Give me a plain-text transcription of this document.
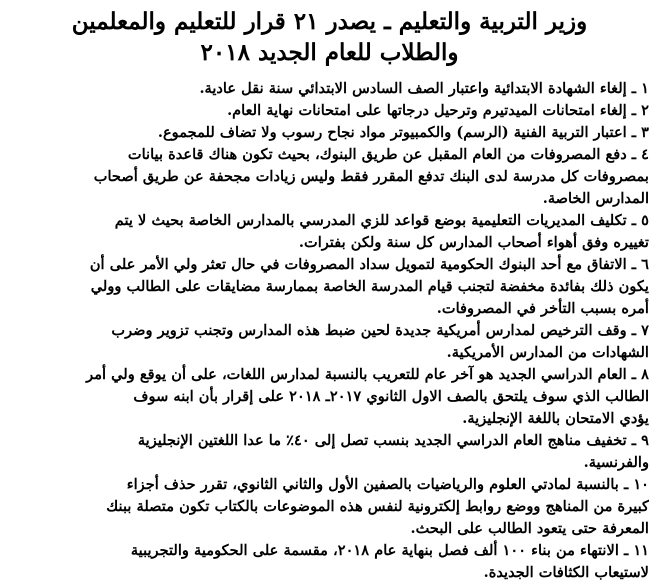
وزير التربية والتعليم ـ يصدر ٢١ قرار للتعليم والمعلمين
والطلاب للعام الجديد ٢٠١٨
١ ـ إلغاء الشهادة الابتدائية واعتبار الصف السادس الابتدائي سنة نقل عادية.
٢ ـ إلغاء امتحانات الميدتيرم وترحيل درجاتها على امتحانات نهاية العام.
٣ ـ اعتبار التربية الفنية (الرسم) والكمبيوتر مواد نجاح رسوب ولا تضاف للمجموع.
٤ ـ دفع المصروفات من العام المقبل عن طريق البنوك، بحيث تكون هناك قاعدة بيانات
بمصروفات كل مدرسة لدى البنك تدفع المقرر فقط وليس زيادات مجحفة عن طريق أصحاب
المدارس الخاصة.
٥ ـ تكليف المديريات التعليمية بوضع قواعد للزي المدرسي بالمدارس الخاصة بحيث لا يتم
تغييره وفق أهواء أصحاب المدارس كل سنة ولكن بفترات.
٦ ـ الاتفاق مع أحد البنوك الحكومية لتمويل سداد المصروفات في حال تعثر ولي الأمر على أن
يكون ذلك بفائدة مخفضة لتجنب قيام المدرسة الخاصة بممارسة مضايقات على الطالب وولي
أمره بسبب التأخر في المصروفات.
٧ ـ وقف الترخيص لمدارس أمريكية جديدة لحين ضبط هذه المدارس وتجنب تزوير وضرب
الشهادات من المدارس الأمريكية.
٨ ـ العام الدراسي الجديد هو آخر عام للتعريب بالنسبة لمدارس اللغات، على أن يوقع ولي أمر
الطالب الذي سوف يلتحق بالصف الاول الثانوي ٢٠١٧ـ ٢٠١٨ على إقرار بأن ابنه سوف
يؤدي الامتحان باللغة الإنجليزية.
٩ ـ تخفيف مناهج العام الدراسي الجديد بنسب تصل إلى ٤٠٪ ما عدا اللغتين الإنجليزية
والفرنسية.
١٠ ـ بالنسبة لمادتي العلوم والرياضيات بالصفين الأول والثاني الثانوي، تقرر حذف أجزاء
كبيرة من المناهج ووضع روابط إلكترونية لنفس هذه الموضوعات بالكتاب تكون متصلة ببنك
المعرفة حتى يتعود الطالب على البحث.
١١ ـ الانتهاء من بناء ١٠٠ ألف فصل بنهاية عام ٢٠١٨، مقسمة على الحكومية والتجريبية
لاستيعاب الكثافات الجديدة.
